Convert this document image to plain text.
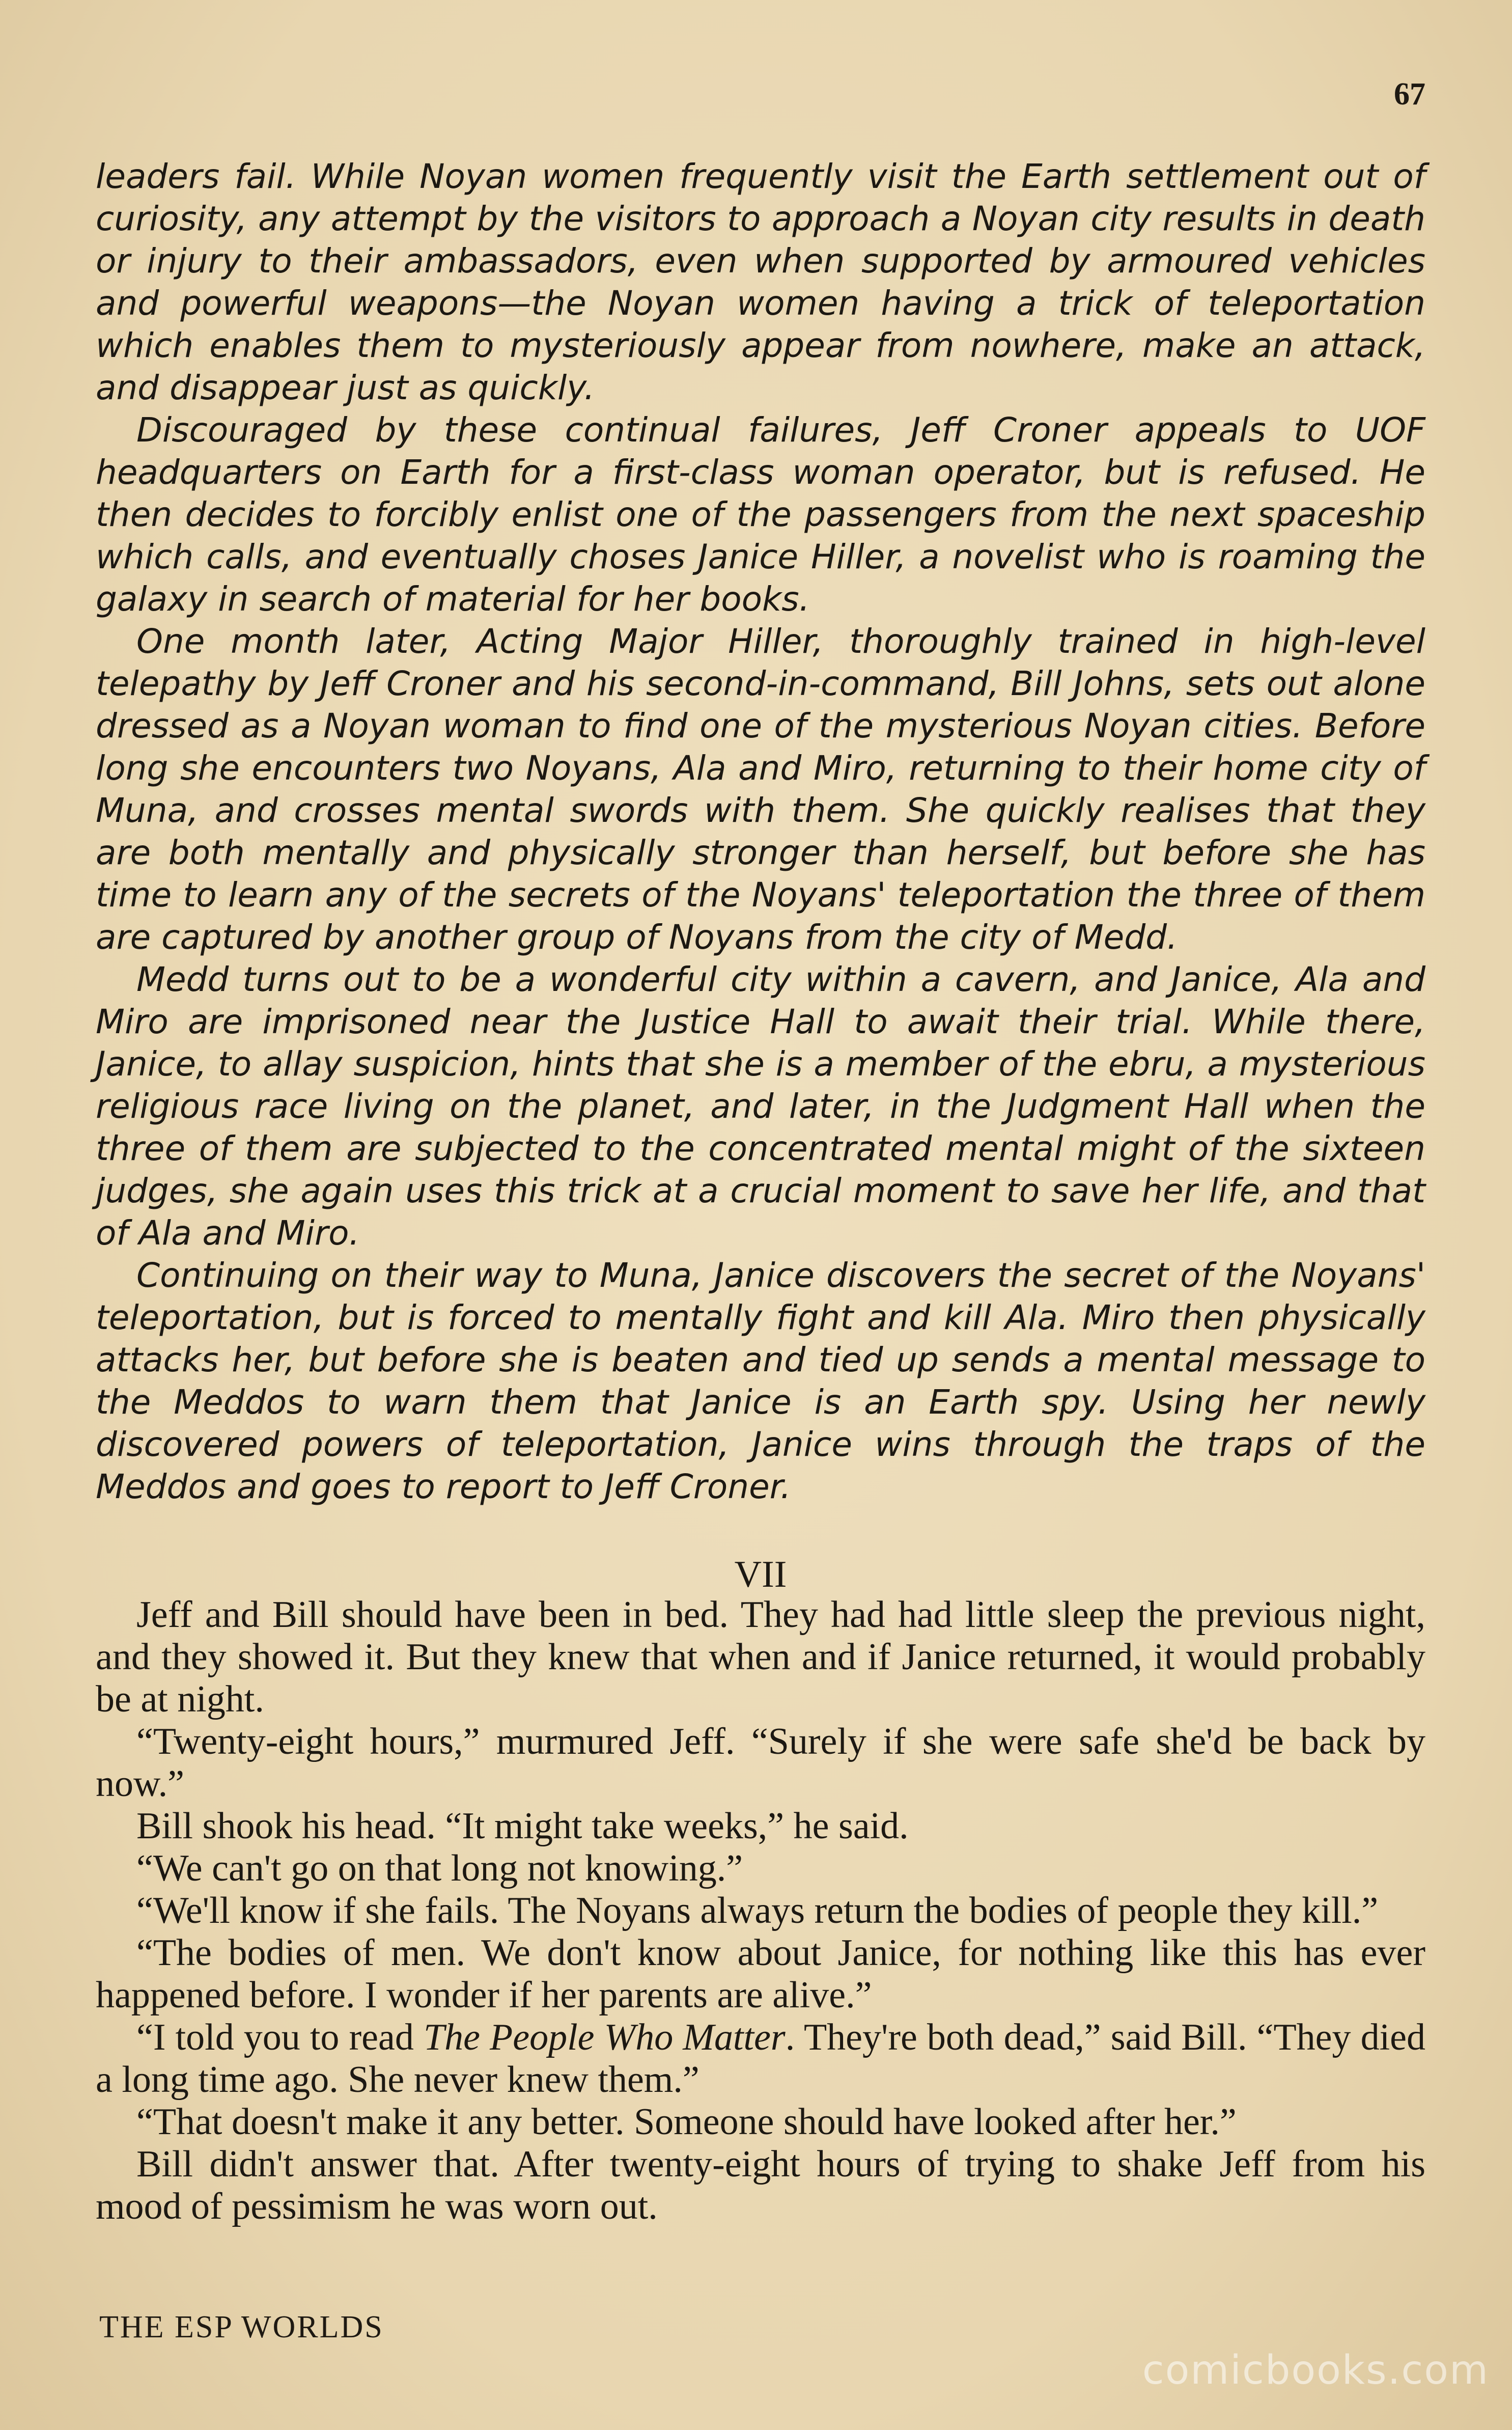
67

leaders fail. While Noyan women frequently visit the Earth settlement out of curiosity, any attempt by the visitors to approach a Noyan city results in death or injury to their ambassadors, even when supported by armoured vehicles and powerful weapons—the Noyan women having a trick of teleportation which enables them to mysteriously appear from nowhere, make an attack, and disappear just as quickly.

Discouraged by these continual failures, Jeff Croner appeals to UOF headquarters on Earth for a first-class woman operator, but is refused. He then decides to forcibly enlist one of the passengers from the next spaceship which calls, and eventually choses Janice Hiller, a novelist who is roaming the galaxy in search of material for her books.

One month later, Acting Major Hiller, thoroughly trained in high-level telepathy by Jeff Croner and his second-in-command, Bill Johns, sets out alone dressed as a Noyan woman to find one of the mysterious Noyan cities. Before long she encounters two Noyans, Ala and Miro, returning to their home city of Muna, and crosses mental swords with them. She quickly realises that they are both mentally and physically stronger than herself, but before she has time to learn any of the secrets of the Noyans' teleportation the three of them are captured by another group of Noyans from the city of Medd.

Medd turns out to be a wonderful city within a cavern, and Janice, Ala and Miro are imprisoned near the Justice Hall to await their trial. While there, Janice, to allay suspicion, hints that she is a member of the ebru, a mysterious religious race living on the planet, and later, in the Judgment Hall when the three of them are subjected to the concentrated mental might of the sixteen judges, she again uses this trick at a crucial moment to save her life, and that of Ala and Miro.

Continuing on their way to Muna, Janice discovers the secret of the Noyans' teleportation, but is forced to mentally fight and kill Ala. Miro then physically attacks her, but before she is beaten and tied up sends a mental message to the Meddos to warn them that Janice is an Earth spy. Using her newly discovered powers of teleportation, Janice wins through the traps of the Meddos and goes to report to Jeff Croner.

VII

Jeff and Bill should have been in bed. They had had little sleep the previous night, and they showed it. But they knew that when and if Janice returned, it would probably be at night.

“Twenty-eight hours,” murmured Jeff. “Surely if she were safe she'd be back by now.”

Bill shook his head. “It might take weeks,” he said.

“We can't go on that long not knowing.”

“We'll know if she fails. The Noyans always return the bodies of people they kill.”

“The bodies of men. We don't know about Janice, for nothing like this has ever happened before. I wonder if her parents are alive.”

“I told you to read The People Who Matter. They're both dead,” said Bill. “They died a long time ago. She never knew them.”

“That doesn't make it any better. Someone should have looked after her.”

Bill didn't answer that. After twenty-eight hours of trying to shake Jeff from his mood of pessimism he was worn out.

THE ESP WORLDS
comicbooks.com
